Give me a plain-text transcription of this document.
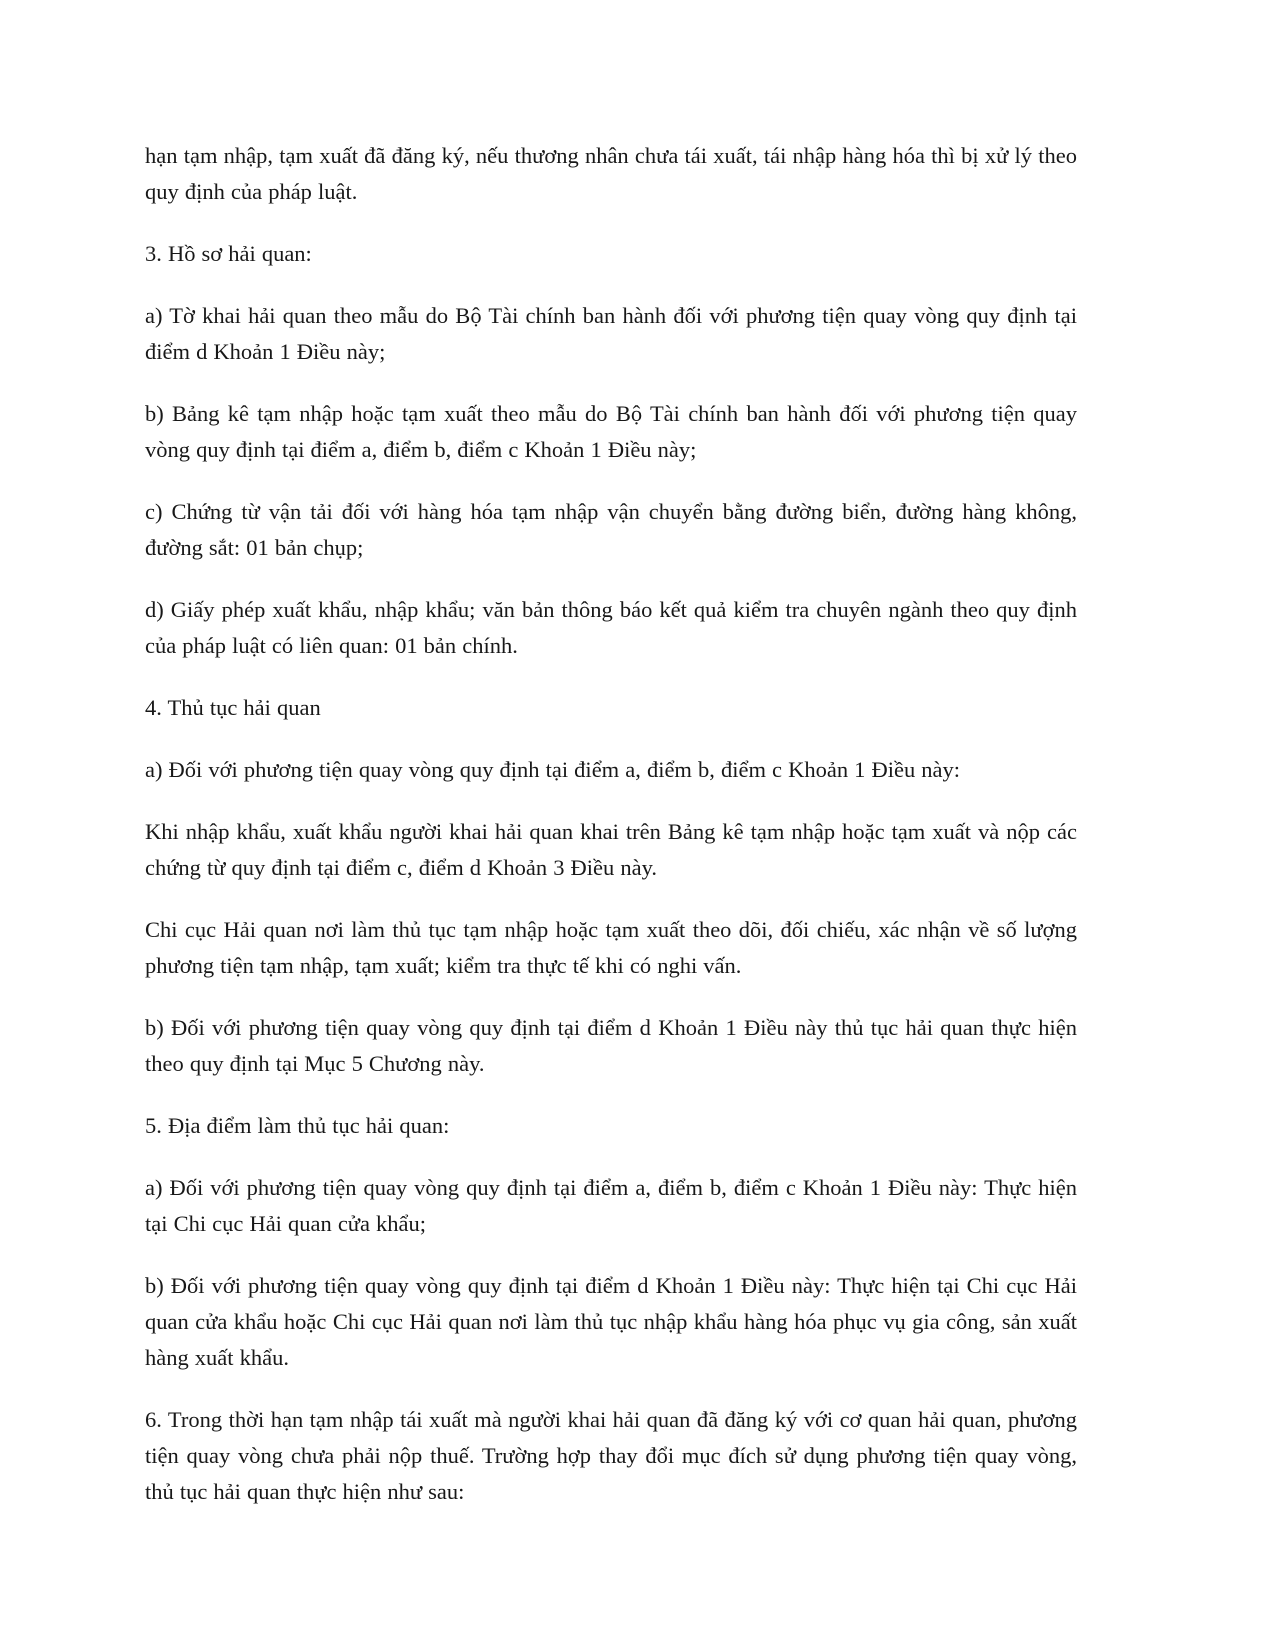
hạn tạm nhập, tạm xuất đã đăng ký, nếu thương nhân chưa tái xuất, tái nhập hàng hóa thì bị xử lý theo quy định của pháp luật.

3. Hồ sơ hải quan:

a) Tờ khai hải quan theo mẫu do Bộ Tài chính ban hành đối với phương tiện quay vòng quy định tại điểm d Khoản 1 Điều này;

b) Bảng kê tạm nhập hoặc tạm xuất theo mẫu do Bộ Tài chính ban hành đối với phương tiện quay vòng quy định tại điểm a, điểm b, điểm c Khoản 1 Điều này;

c) Chứng từ vận tải đối với hàng hóa tạm nhập vận chuyển bằng đường biển, đường hàng không, đường sắt: 01 bản chụp;

d) Giấy phép xuất khẩu, nhập khẩu; văn bản thông báo kết quả kiểm tra chuyên ngành theo quy định của pháp luật có liên quan: 01 bản chính.

4. Thủ tục hải quan

a) Đối với phương tiện quay vòng quy định tại điểm a, điểm b, điểm c Khoản 1 Điều này:

Khi nhập khẩu, xuất khẩu người khai hải quan khai trên Bảng kê tạm nhập hoặc tạm xuất và nộp các chứng từ quy định tại điểm c, điểm d Khoản 3 Điều này.

Chi cục Hải quan nơi làm thủ tục tạm nhập hoặc tạm xuất theo dõi, đối chiếu, xác nhận về số lượng phương tiện tạm nhập, tạm xuất; kiểm tra thực tế khi có nghi vấn.

b) Đối với phương tiện quay vòng quy định tại điểm d Khoản 1 Điều này thủ tục hải quan thực hiện theo quy định tại Mục 5 Chương này.

5. Địa điểm làm thủ tục hải quan:

a) Đối với phương tiện quay vòng quy định tại điểm a, điểm b, điểm c Khoản 1 Điều này: Thực hiện tại Chi cục Hải quan cửa khẩu;

b) Đối với phương tiện quay vòng quy định tại điểm d Khoản 1 Điều này: Thực hiện tại Chi cục Hải quan cửa khẩu hoặc Chi cục Hải quan nơi làm thủ tục nhập khẩu hàng hóa phục vụ gia công, sản xuất hàng xuất khẩu.

6. Trong thời hạn tạm nhập tái xuất mà người khai hải quan đã đăng ký với cơ quan hải quan, phương tiện quay vòng chưa phải nộp thuế. Trường hợp thay đổi mục đích sử dụng phương tiện quay vòng, thủ tục hải quan thực hiện như sau:
